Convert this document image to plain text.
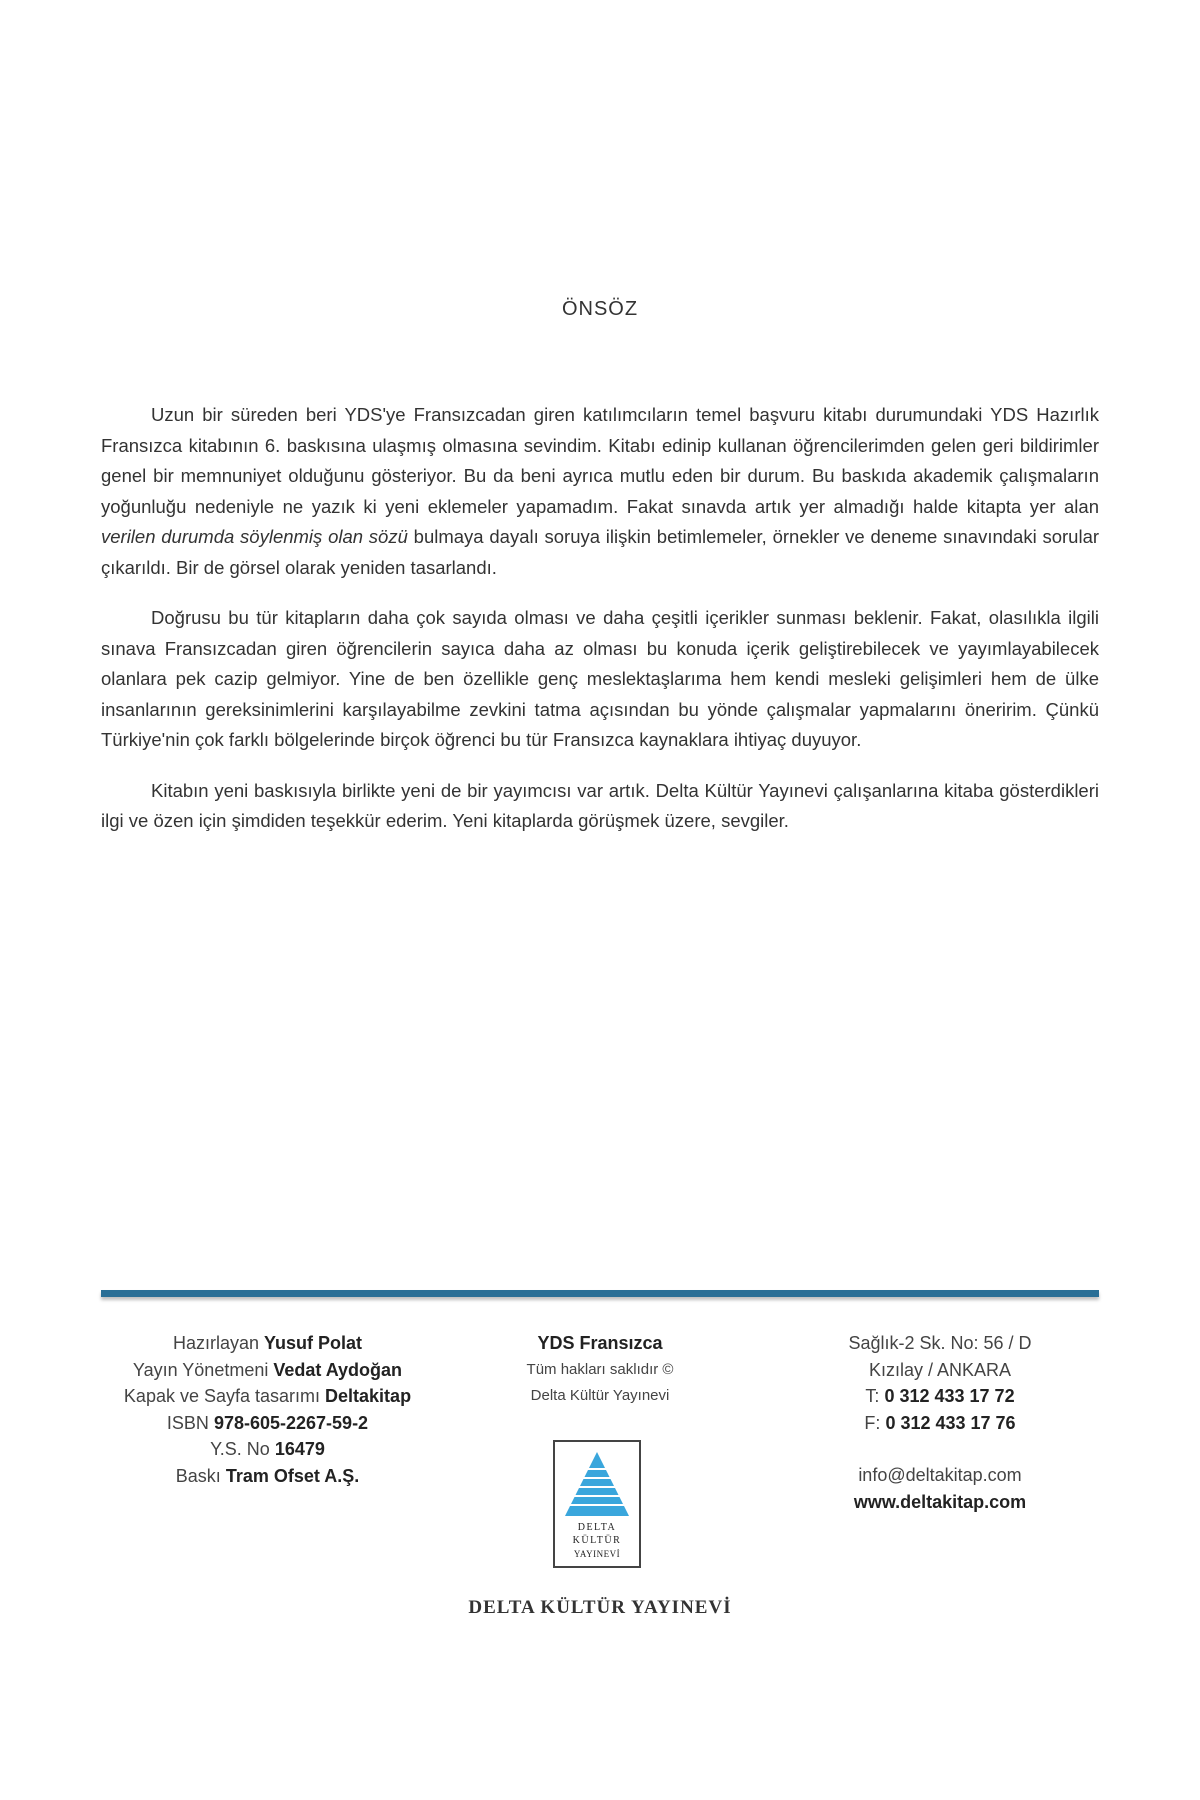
ÖNSÖZ

Uzun bir süreden beri YDS'ye Fransızcadan giren katılımcıların temel başvuru kitabı durumundaki YDS Hazırlık Fransızca kitabının 6. baskısına ulaşmış olmasına sevindim. Kitabı edinip kullanan öğrencilerimden gelen geri bildirimler genel bir memnuniyet olduğunu gösteriyor. Bu da beni ayrıca mutlu eden bir durum. Bu baskıda akademik çalışmaların yoğunluğu nedeniyle ne yazık ki yeni eklemeler yapamadım. Fakat sınavda artık yer almadığı halde kitapta yer alan verilen durumda söylenmiş olan sözü bulmaya dayalı soruya ilişkin betimlemeler, örnekler ve deneme sınavındaki sorular çıkarıldı. Bir de görsel olarak yeniden tasarlandı.

Doğrusu bu tür kitapların daha çok sayıda olması ve daha çeşitli içerikler sunması beklenir. Fakat, olasılıkla ilgili sınava Fransızcadan giren öğrencilerin sayıca daha az olması bu konuda içerik geliştirebilecek ve yayımlayabilecek olanlara pek cazip gelmiyor. Yine de ben özellikle genç meslektaşlarıma hem kendi mesleki gelişimleri hem de ülke insanlarının gereksinimlerini karşılayabilme zevkini tatma açısından bu yönde çalışmalar yapmalarını öneririm. Çünkü Türkiye'nin çok farklı bölgelerinde birçok öğrenci bu tür Fransızca kaynaklara ihtiyaç duyuyor.

Kitabın yeni baskısıyla birlikte yeni de bir yayımcısı var artık. Delta Kültür Yayınevi çalışanlarına kitaba gösterdikleri ilgi ve özen için şimdiden teşekkür ederim. Yeni kitaplarda görüşmek üzere, sevgiler.

Hazırlayan Yusuf Polat
Yayın Yönetmeni Vedat Aydoğan
Kapak ve Sayfa tasarımı Deltakitap
ISBN 978-605-2267-59-2
Y.S. No 16479
Baskı Tram Ofset A.Ş.
YDS Fransızca
Tüm hakları saklıdır ©
Delta Kültür Yayınevi
DELTA
KÜLTÜR
YAYINEVİ
Sağlık-2 Sk. No: 56 / D
Kızılay / ANKARA
T: 0 312 433 17 72
F: 0 312 433 17 76
info@deltakitap.com
www.deltakitap.com
DELTA KÜLTÜR YAYINEVİ
